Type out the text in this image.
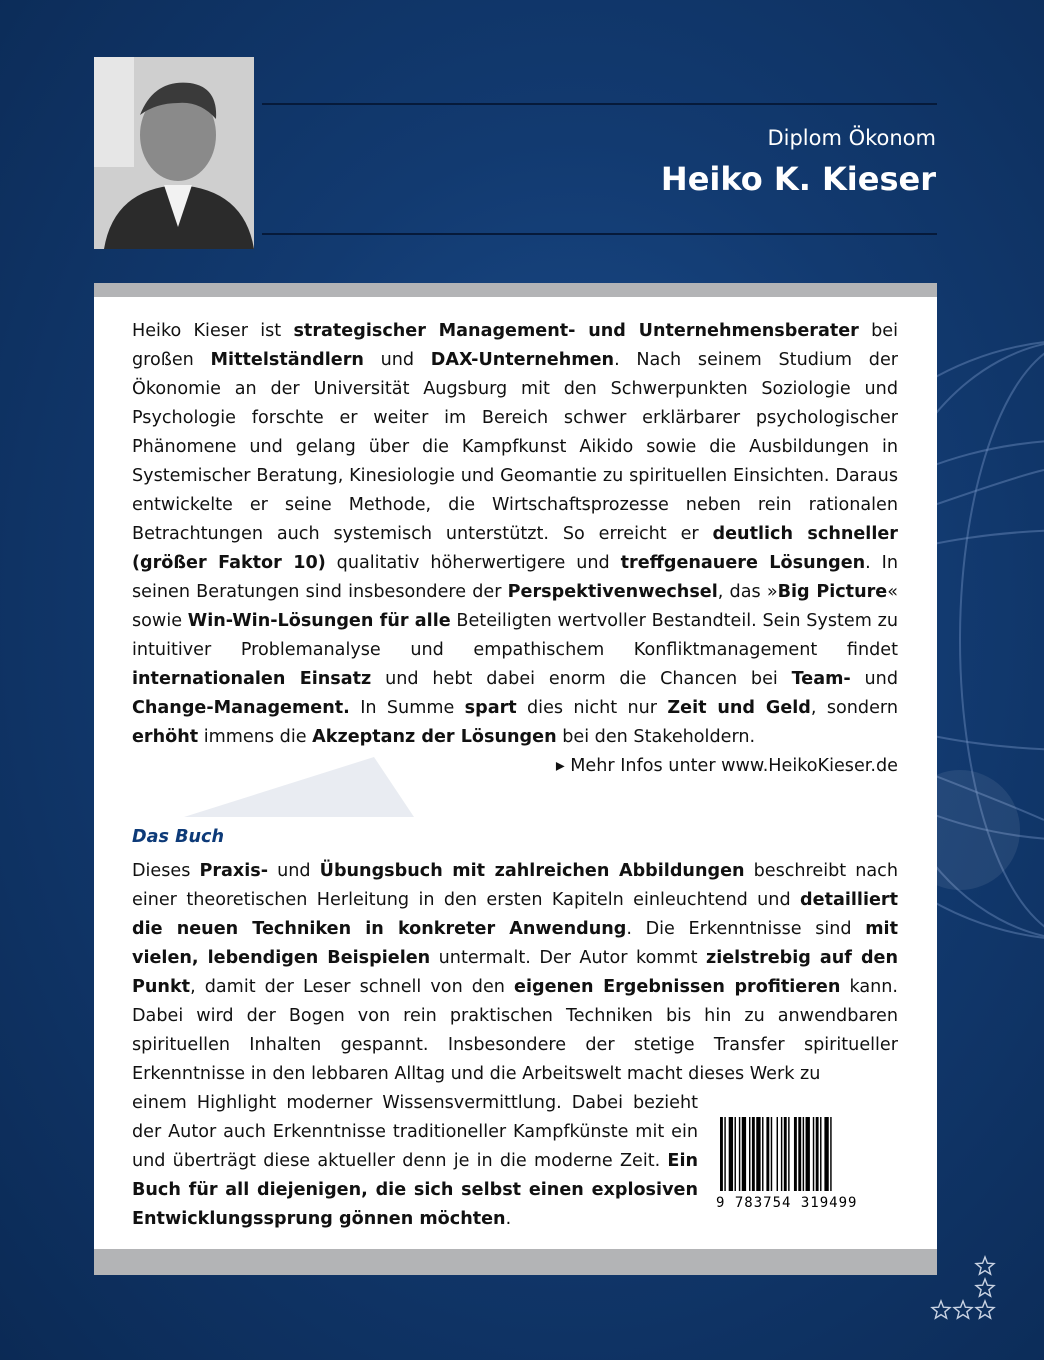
Diplom Ökonom
Heiko K. Kieser
Heiko Kieser ist strategischer Management- und Unternehmensberater bei großen Mittelständlern und DAX-Unternehmen. Nach seinem Studium der Ökonomie an der Universität Augsburg mit den Schwerpunkten Soziologie und Psychologie forschte er weiter im Bereich schwer erklärbarer psychologischer Phänomene und gelang über die Kampfkunst Aikido sowie die Ausbildungen in Systemischer Beratung, Kinesiologie und Geomantie zu spirituellen Einsichten. Daraus entwickelte er seine Methode, die Wirtschaftsprozesse neben rein rationalen Betrachtungen auch systemisch unterstützt. So erreicht er deutlich schneller (größer Faktor 10) qualitativ höherwertigere und treffgenauere Lösungen. In seinen Beratungen sind insbesondere der Perspektivenwechsel, das »Big Picture« sowie Win-Win-Lösungen für alle Beteiligten wertvoller Bestandteil. Sein System zu intuitiver Problemanalyse und empathischem Konfliktmanagement findet internationalen Einsatz und hebt dabei enorm die Chancen bei Team- und Change-Management. In Summe spart dies nicht nur Zeit und Geld, sondern erhöht immens die Akzeptanz der Lösungen bei den Stakeholdern.
▸ Mehr Infos unter www.HeikoKieser.de
Das Buch
Dieses Praxis- und Übungsbuch mit zahlreichen Abbildungen beschreibt nach einer theoretischen Herleitung in den ersten Kapiteln einleuchtend und detailliert die neuen Techniken in konkreter Anwendung. Die Erkenntnisse sind mit vielen, lebendigen Beispielen untermalt. Der Autor kommt zielstrebig auf den Punkt, damit der Leser schnell von den eigenen Ergebnissen profitieren kann. Dabei wird der Bogen von rein praktischen Techniken bis hin zu anwendbaren spirituellen Inhalten gespannt. Insbesondere der stetige Transfer spiritueller Erkenntnisse in den lebbaren Alltag und die Arbeitswelt macht dieses Werk zu
einem Highlight moderner Wissensvermittlung. Dabei bezieht der Autor auch Erkenntnisse traditioneller Kampfkünste mit ein und überträgt diese aktueller denn je in die moderne Zeit. Ein Buch für all diejenigen, die sich selbst einen explosiven Entwicklungssprung gönnen möchten.
9 783754 319499
